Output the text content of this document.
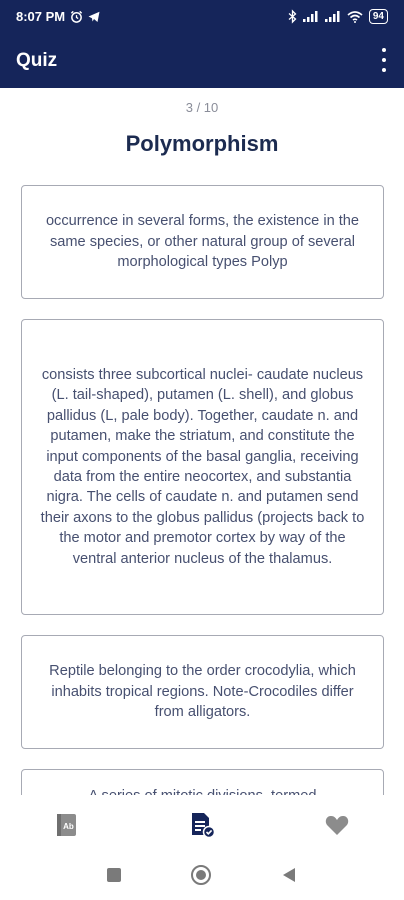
8:07 PM	94
Quiz
3 / 10
Polymorphism
occurrence in several forms, the existence in the same species, or other natural group of several morphological types Polyp
consists three subcortical nuclei- caudate nucleus (L. tail-shaped), putamen (L. shell), and globus pallidus (L, pale body). Together, caudate n. and putamen, make the striatum, and constitute the input components of the basal ganglia, receiving data from the entire neocortex, and substantia nigra. The cells of caudate n. and putamen send their axons to the globus pallidus (projects back to the motor and premotor cortex by way of the ventral anterior nucleus of the thalamus.
Reptile belonging to the order crocodylia, which inhabits tropical regions. Note-Crocodiles differ from alligators.
Ab
